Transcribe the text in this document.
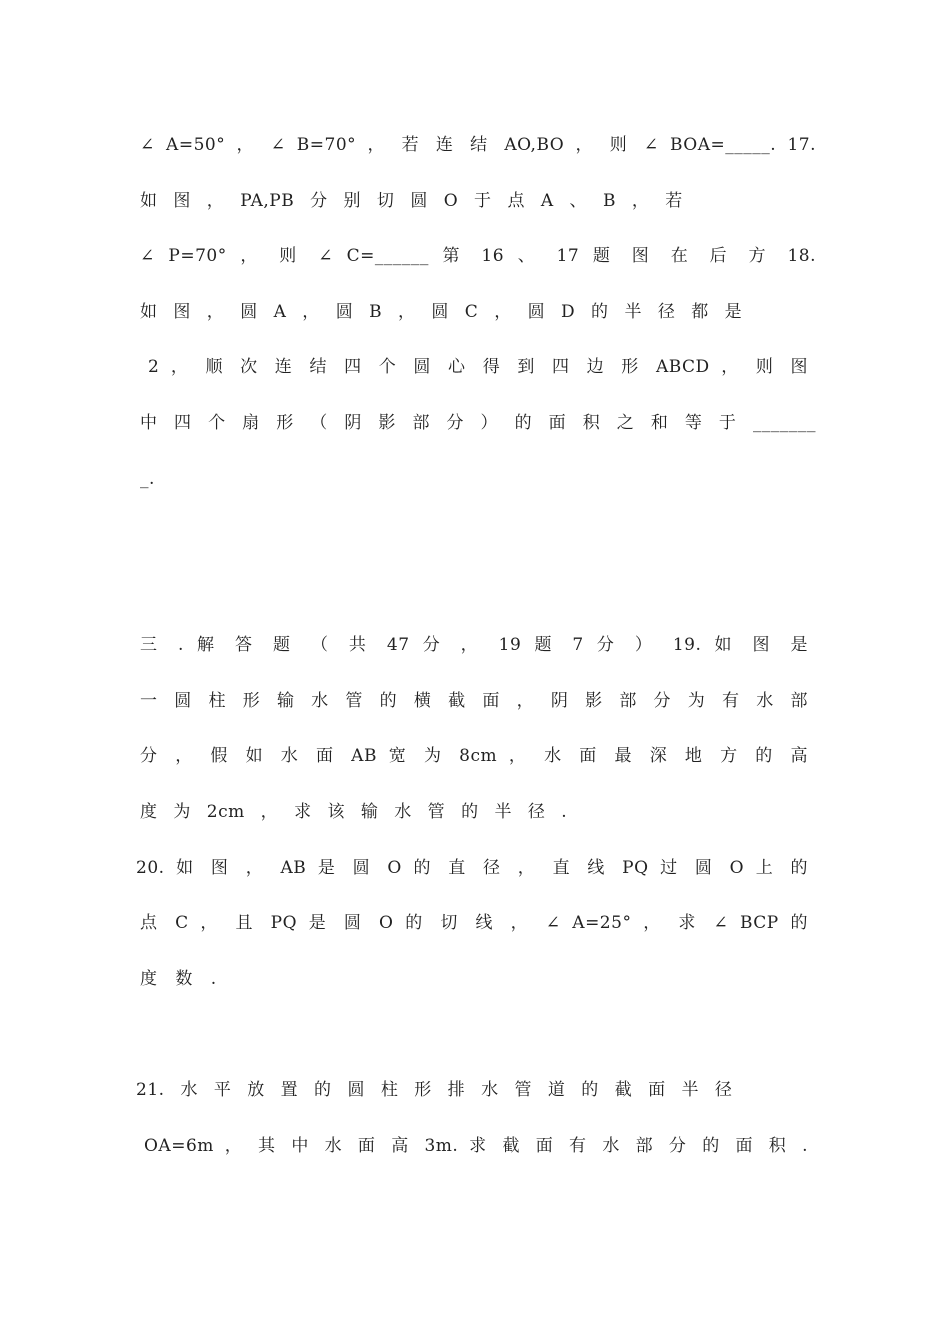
∠ A=50° ， ∠ B=70° ， 若 连 结 AO,BO ， 则 ∠ BOA=_____. 17.
如 图 ， PA,PB 分 别 切 圆 O 于 点 A 、 B ， 若
∠ P=70° ， 则 ∠ C=______ 第 16 、 17 题 图 在 后 方 18.
如 图 ， 圆 A ， 圆 B ， 圆 C ， 圆 D 的 半 径 都 是
2 ， 顺 次 连 结 四 个 圆 心 得 到 四 边 形 ABCD ， 则 图
中 四 个 扇 形 （ 阴 影 部 分 ） 的 面 积 之 和 等 于 _______
_.
三 . 解 答 题 （ 共 47 分 ， 19 题 7 分 ） 19. 如 图 是
一 圆 柱 形 输 水 管 的 横 截 面 ， 阴 影 部 分 为 有 水 部
分 ， 假 如 水 面 AB 宽 为 8cm ， 水 面 最 深 地 方 的 高
度 为 2cm ， 求 该 输 水 管 的 半 径 .
20. 如 图 ， AB 是 圆 O 的 直 径 ， 直 线 PQ 过 圆 O 上 的
点 C ， 且 PQ 是 圆 O 的 切 线 ， ∠ A=25° ， 求 ∠ BCP 的
度 数 .
21. 水 平 放 置 的 圆 柱 形 排 水 管 道 的 截 面 半 径
OA=6m ， 其 中 水 面 高 3m. 求 截 面 有 水 部 分 的 面 积 .
